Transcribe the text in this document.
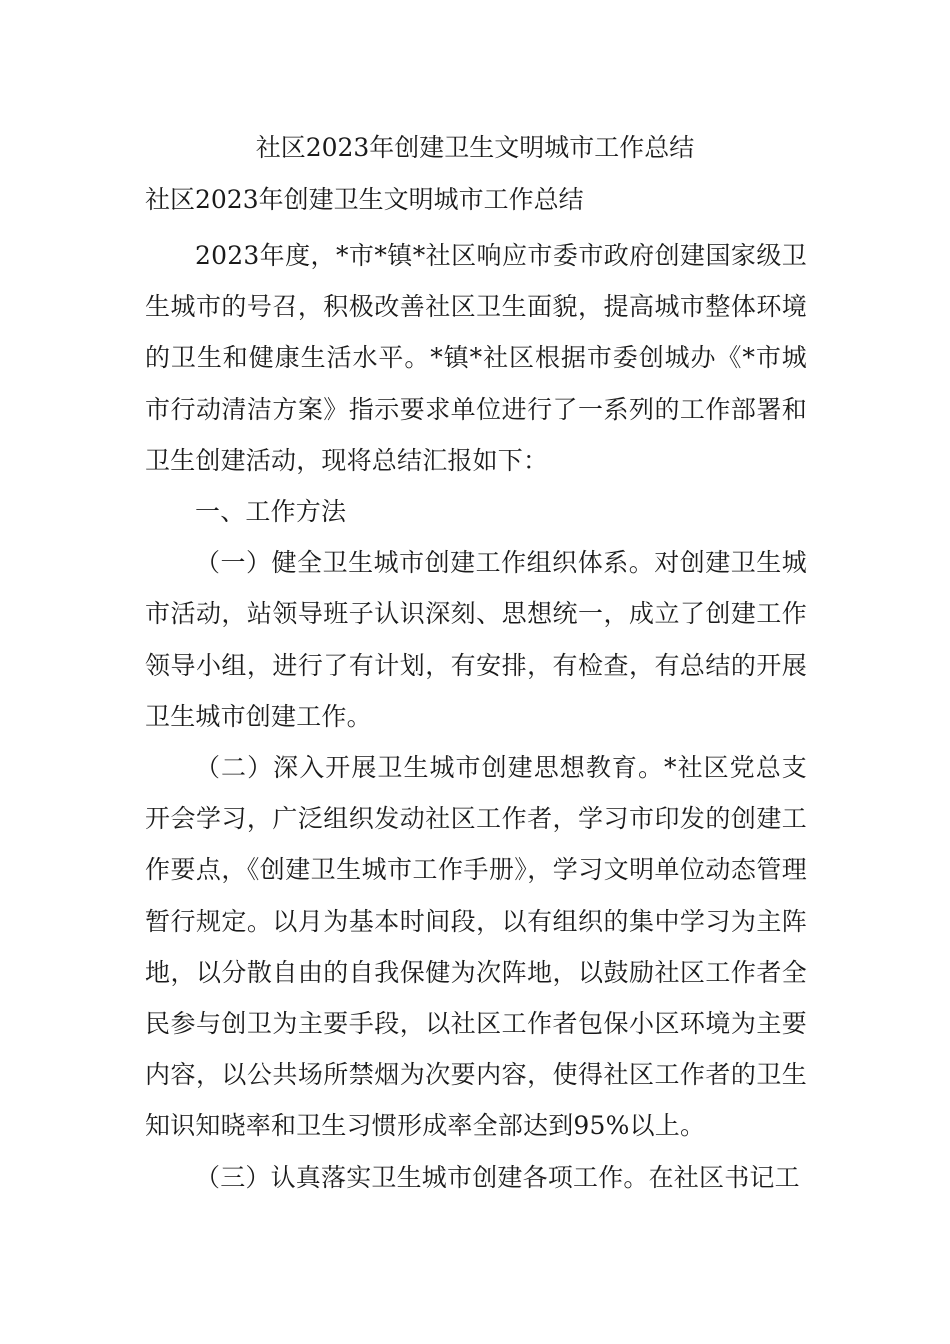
社区2023年创建卫生文明城市工作总结
社区2023年创建卫生文明城市工作总结

2023年度，*市*镇*社区响应市委市政府创建国家级卫生城市的号召，积极改善社区卫生面貌，提高城市整体环境的卫生和健康生活水平。*镇*社区根据市委创城办《*市城市行动清洁方案》指示要求单位进行了一系列的工作部署和卫生创建活动，现将总结汇报如下：

一、工作方法

（一）健全卫生城市创建工作组织体系。对创建卫生城市活动，站领导班子认识深刻、思想统一，成立了创建工作领导小组，进行了有计划，有安排，有检查，有总结的开展卫生城市创建工作。

（二）深入开展卫生城市创建思想教育。*社区党总支开会学习，广泛组织发动社区工作者，学习市印发的创建工作要点，《创建卫生城市工作手册》，学习文明单位动态管理暂行规定。以月为基本时间段，以有组织的集中学习为主阵地，以分散自由的自我保健为次阵地，以鼓励社区工作者全民参与创卫为主要手段，以社区工作者包保小区环境为主要内容，以公共场所禁烟为次要内容，使得社区工作者的卫生知识知晓率和卫生习惯形成率全部达到95%以上。

（三）认真落实卫生城市创建各项工作。在社区书记工
